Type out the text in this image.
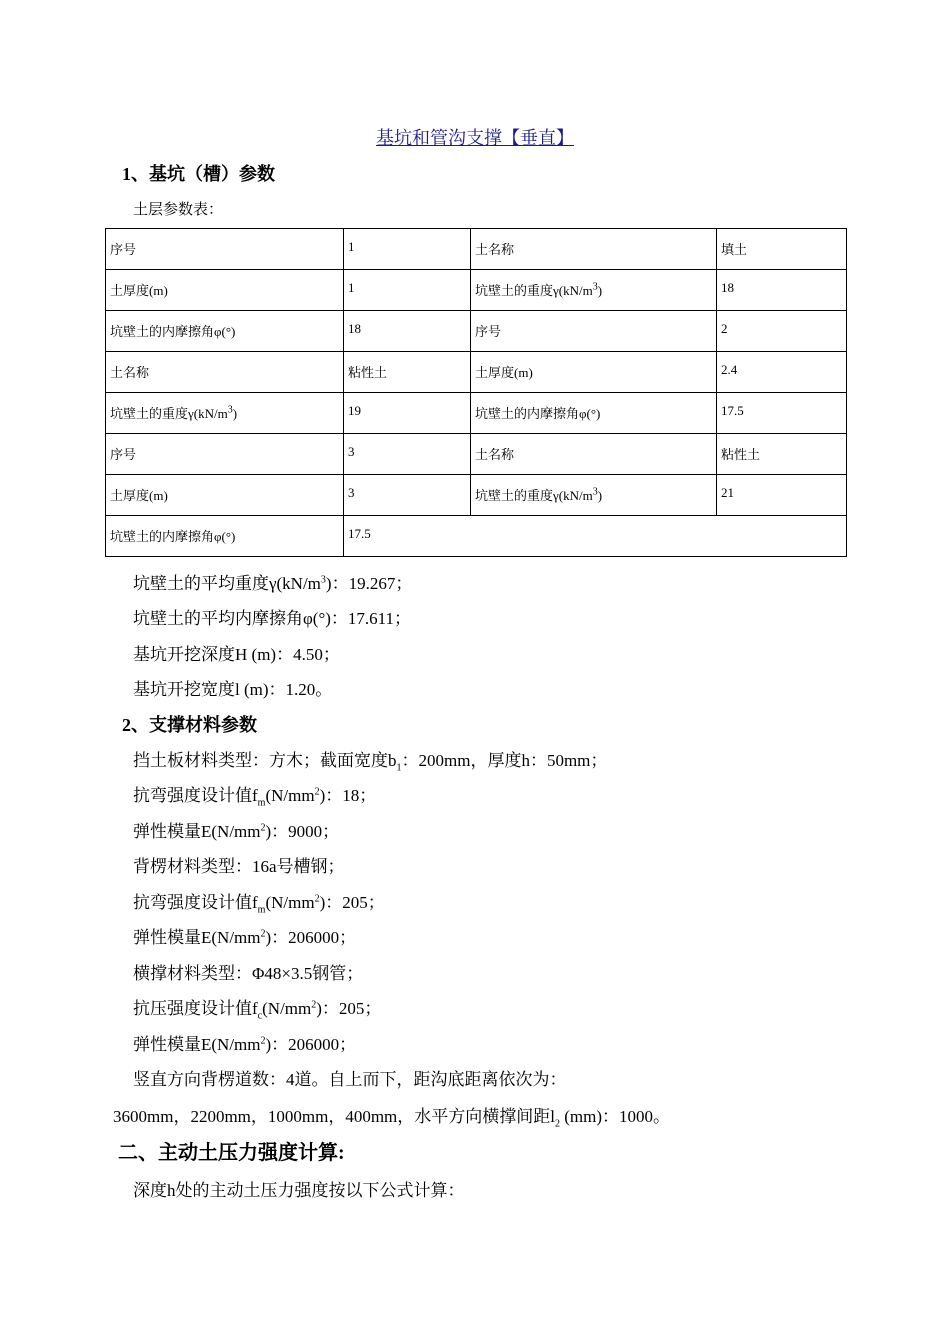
基坑和管沟支撑【垂直】
1、基坑（槽）参数
土层参数表：
序号	1	土名称	填土
土厚度(m)	1	坑壁土的重度$\gamma(kN/m^3)$	18
坑壁土的内摩擦角φ(°)	18	序号	2
土名称	粘性土	土厚度(m)	2.4
坑壁土的重度$\gamma(kN/m^3)$	19	坑壁土的内摩擦角φ(°)	17.5
序号	3	土名称	粘性土
土厚度(m)	3	坑壁土的重度$\gamma(kN/m^3)$	21
坑壁土的内摩擦角φ(°)	17.5		
坑壁土的平均重度$\gamma(kN/m^3)$：19.267；
坑壁土的平均内摩擦角φ(°)：17.611；
基坑开挖深度H (m)：4.50；
基坑开挖宽度l (m)：1.20。
2、支撑材料参数
挡土板材料类型：方木；截面宽度$b_1$：200mm，厚度h：50mm；
抗弯强度设计值$f_m(N/mm^2)$：18；
弹性模量$E(N/mm^2)$：9000；
背楞材料类型：16a号槽钢；
抗弯强度设计值$f_m(N/mm^2)$：205；
弹性模量$E(N/mm^2)$：206000；
横撑材料类型：Φ48×3.5钢管；
抗压强度设计值$f_c(N/mm^2)$：205；
弹性模量$E(N/mm^2)$：206000；
竖直方向背楞道数：4道。自上而下，距沟底距离依次为：
3600mm，2200mm，1000mm，400mm，水平方向横撑间距$l_2$ (mm)：1000。
二、主动土压力强度计算:
深度h处的主动土压力强度按以下公式计算：
